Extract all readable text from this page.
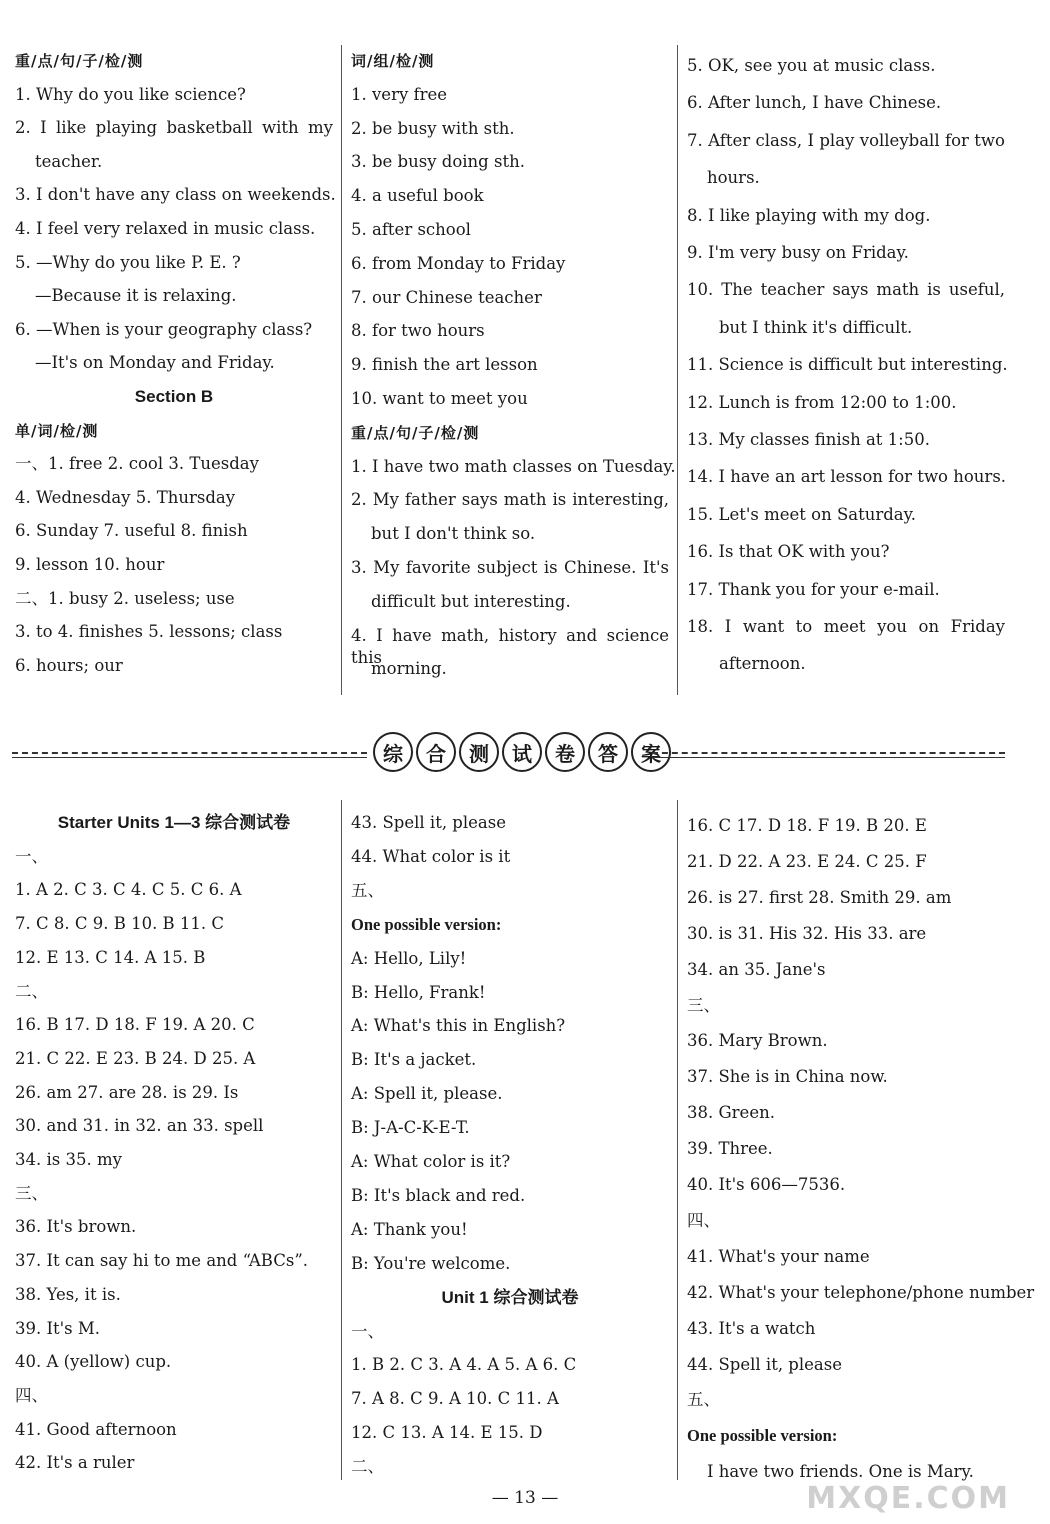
重/点/句/子/检/测
1. Why do you like science?
2. I like playing basketball with my
teacher.
3. I don't have any class on weekends.
4. I feel very relaxed in music class.
5. —Why do you like P. E. ?
—Because it is relaxing.
6. —When is your geography class?
—It's on Monday and Friday.
Section B
单/词/检/测
一、1. free 2. cool 3. Tuesday
4. Wednesday 5. Thursday
6. Sunday 7. useful 8. finish
9. lesson 10. hour
二、1. busy 2. useless; use
3. to 4. finishes 5. lessons; class
6. hours; our
词/组/检/测
1. very free
2. be busy with sth.
3. be busy doing sth.
4. a useful book
5. after school
6. from Monday to Friday
7. our Chinese teacher
8. for two hours
9. finish the art lesson
10. want to meet you
重/点/句/子/检/测
1. I have two math classes on Tuesday.
2. My father says math is interesting,
but I don't think so.
3. My favorite subject is Chinese. It's
difficult but interesting.
4. I have math, history and science this
morning.
5. OK, see you at music class.
6. After lunch, I have Chinese.
7. After class, I play volleyball for two
hours.
8. I like playing with my dog.
9. I'm very busy on Friday.
10. The teacher says math is useful,
but I think it's difficult.
11. Science is difficult but interesting.
12. Lunch is from 12:00 to 1:00.
13. My classes finish at 1:50.
14. I have an art lesson for two hours.
15. Let's meet on Saturday.
16. Is that OK with you?
17. Thank you for your e-mail.
18. I want to meet you on Friday
afternoon.
综	合	测	试	卷	答	案
Starter Units 1—3 综合测试卷
一、
1. A 2. C 3. C 4. C 5. C 6. A
7. C 8. C 9. B 10. B 11. C
12. E 13. C 14. A 15. B
二、
16. B 17. D 18. F 19. A 20. C
21. C 22. E 23. B 24. D 25. A
26. am 27. are 28. is 29. Is
30. and 31. in 32. an 33. spell
34. is 35. my
三、
36. It's brown.
37. It can say hi to me and “ABCs”.
38. Yes, it is.
39. It's M.
40. A (yellow) cup.
四、
41. Good afternoon
42. It's a ruler
43. Spell it, please
44. What color is it
五、
One possible version:
A: Hello, Lily!
B: Hello, Frank!
A: What's this in English?
B: It's a jacket.
A: Spell it, please.
B: J-A-C-K-E-T.
A: What color is it?
B: It's black and red.
A: Thank you!
B: You're welcome.
Unit 1 综合测试卷
一、
1. B 2. C 3. A 4. A 5. A 6. C
7. A 8. C 9. A 10. C 11. A
12. C 13. A 14. E 15. D
二、
16. C 17. D 18. F 19. B 20. E
21. D 22. A 23. E 24. C 25. F
26. is 27. first 28. Smith 29. am
30. is 31. His 32. His 33. are
34. an 35. Jane's
三、
36. Mary Brown.
37. She is in China now.
38. Green.
39. Three.
40. It's 606—7536.
四、
41. What's your name
42. What's your telephone/phone number
43. It's a watch
44. Spell it, please
五、
One possible version:
I have two friends. One is Mary.
— 13 —	MXQE.COM
